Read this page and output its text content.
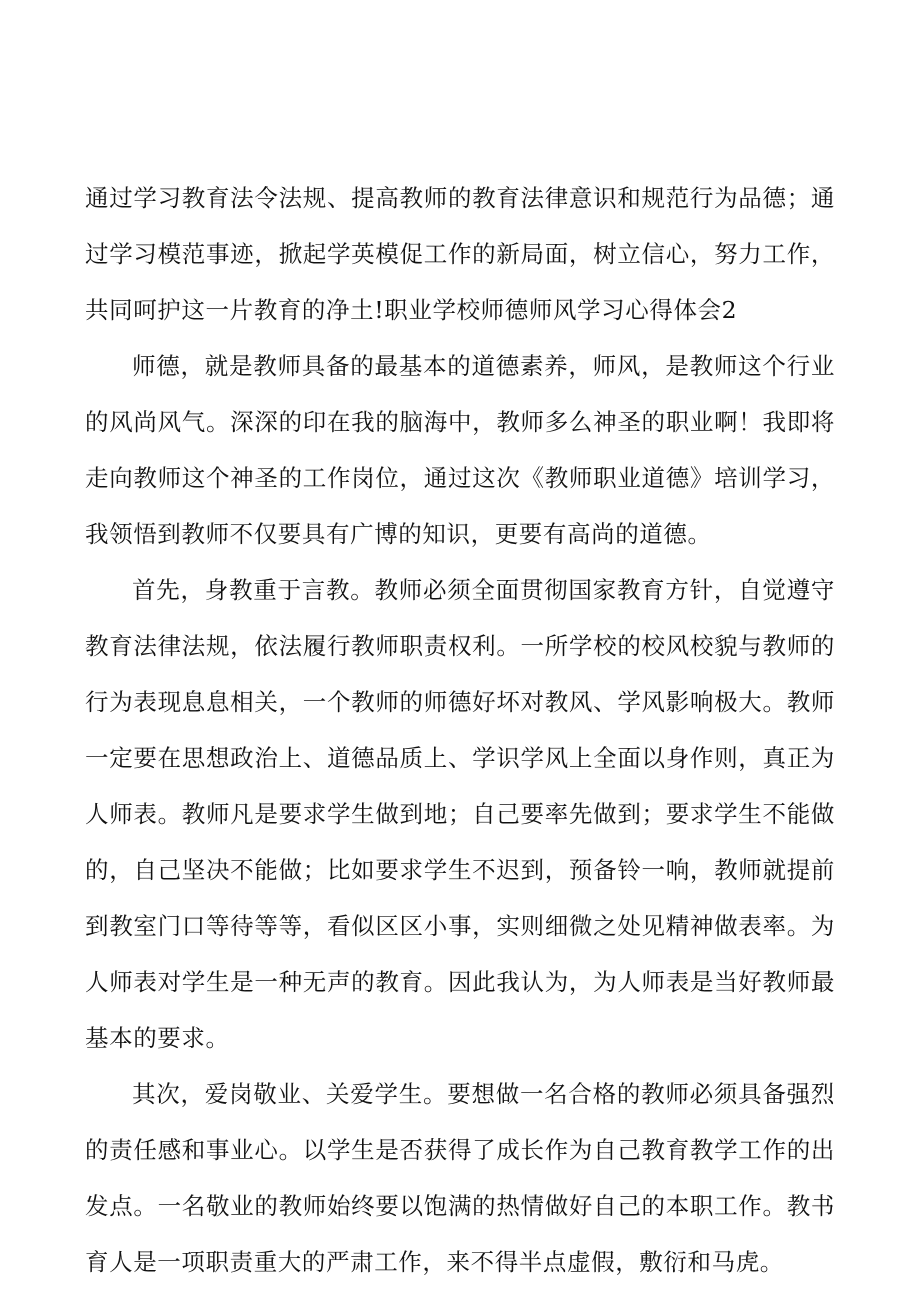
通过学习教育法令法规、提高教师的教育法律意识和规范行为品德；通过学习模范事迹，掀起学英模促工作的新局面，树立信心，努力工作，共同呵护这一片教育的净土!职业学校师德师风学习心得体会2

师德，就是教师具备的最基本的道德素养，师风，是教师这个行业的风尚风气。深深的印在我的脑海中，教师多么神圣的职业啊！我即将走向教师这个神圣的工作岗位，通过这次《教师职业道德》培训学习，我领悟到教师不仅要具有广博的知识，更要有高尚的道德。

首先，身教重于言教。教师必须全面贯彻国家教育方针，自觉遵守教育法律法规，依法履行教师职责权利。一所学校的校风校貌与教师的行为表现息息相关，一个教师的师德好坏对教风、学风影响极大。教师一定要在思想政治上、道德品质上、学识学风上全面以身作则，真正为人师表。教师凡是要求学生做到地；自己要率先做到；要求学生不能做的，自己坚决不能做；比如要求学生不迟到，预备铃一响，教师就提前到教室门口等待等等，看似区区小事，实则细微之处见精神做表率。为人师表对学生是一种无声的教育。因此我认为，为人师表是当好教师最基本的要求。

其次，爱岗敬业、关爱学生。要想做一名合格的教师必须具备强烈的责任感和事业心。以学生是否获得了成长作为自己教育教学工作的出发点。一名敬业的教师始终要以饱满的热情做好自己的本职工作。教书育人是一项职责重大的严肃工作，来不得半点虚假，敷衍和马虎。
